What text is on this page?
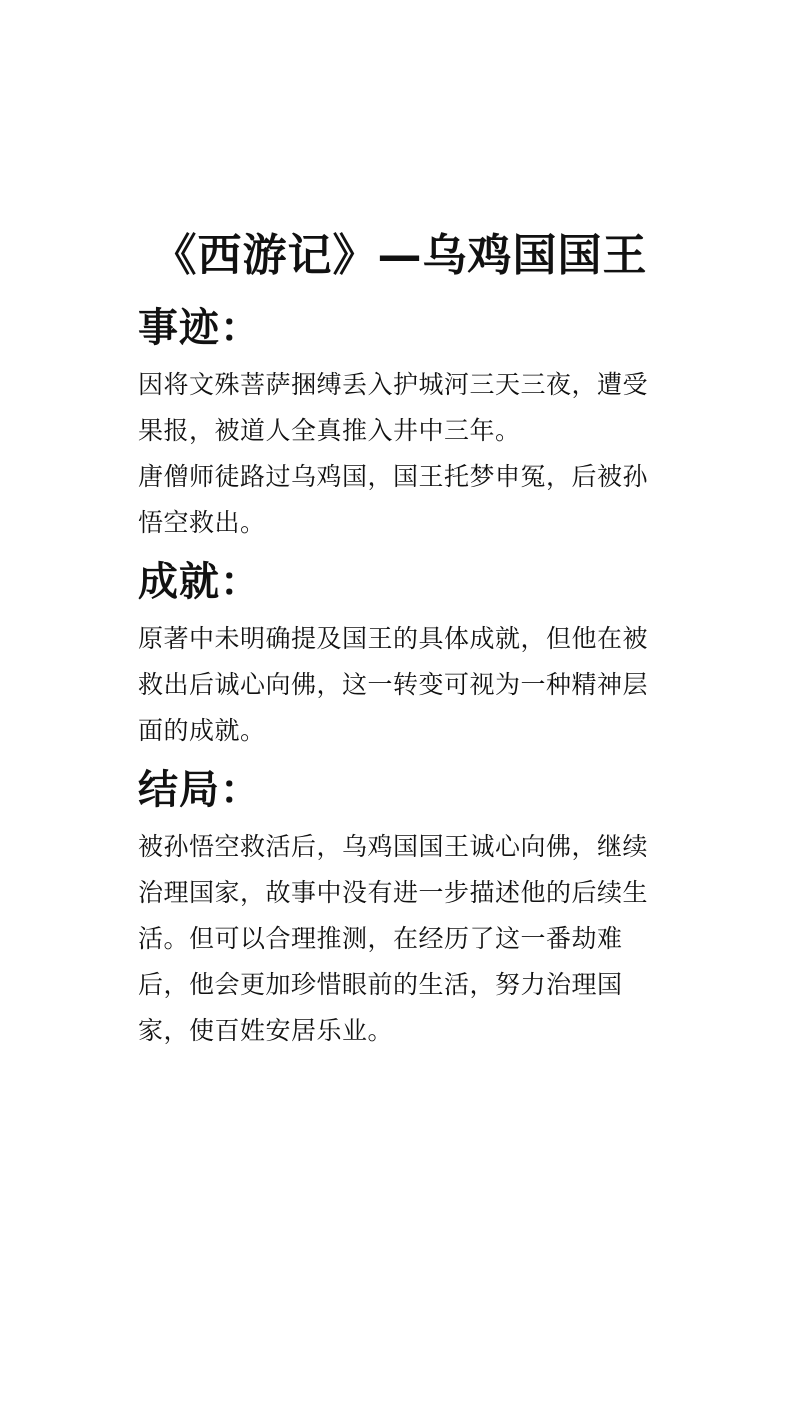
《西游记》—乌鸡国国王
事迹：

因将文殊菩萨捆缚丢入护城河三天三夜，遭受果报，被道人全真推入井中三年。

唐僧师徒路过乌鸡国，国王托梦申冤，后被孙悟空救出。

成就：

原著中未明确提及国王的具体成就，但他在被救出后诚心向佛，这一转变可视为一种精神层面的成就。

结局：

被孙悟空救活后，乌鸡国国王诚心向佛，继续治理国家，故事中没有进一步描述他的后续生活。但可以合理推测，在经历了这一番劫难后，他会更加珍惜眼前的生活，努力治理国家，使百姓安居乐业。
